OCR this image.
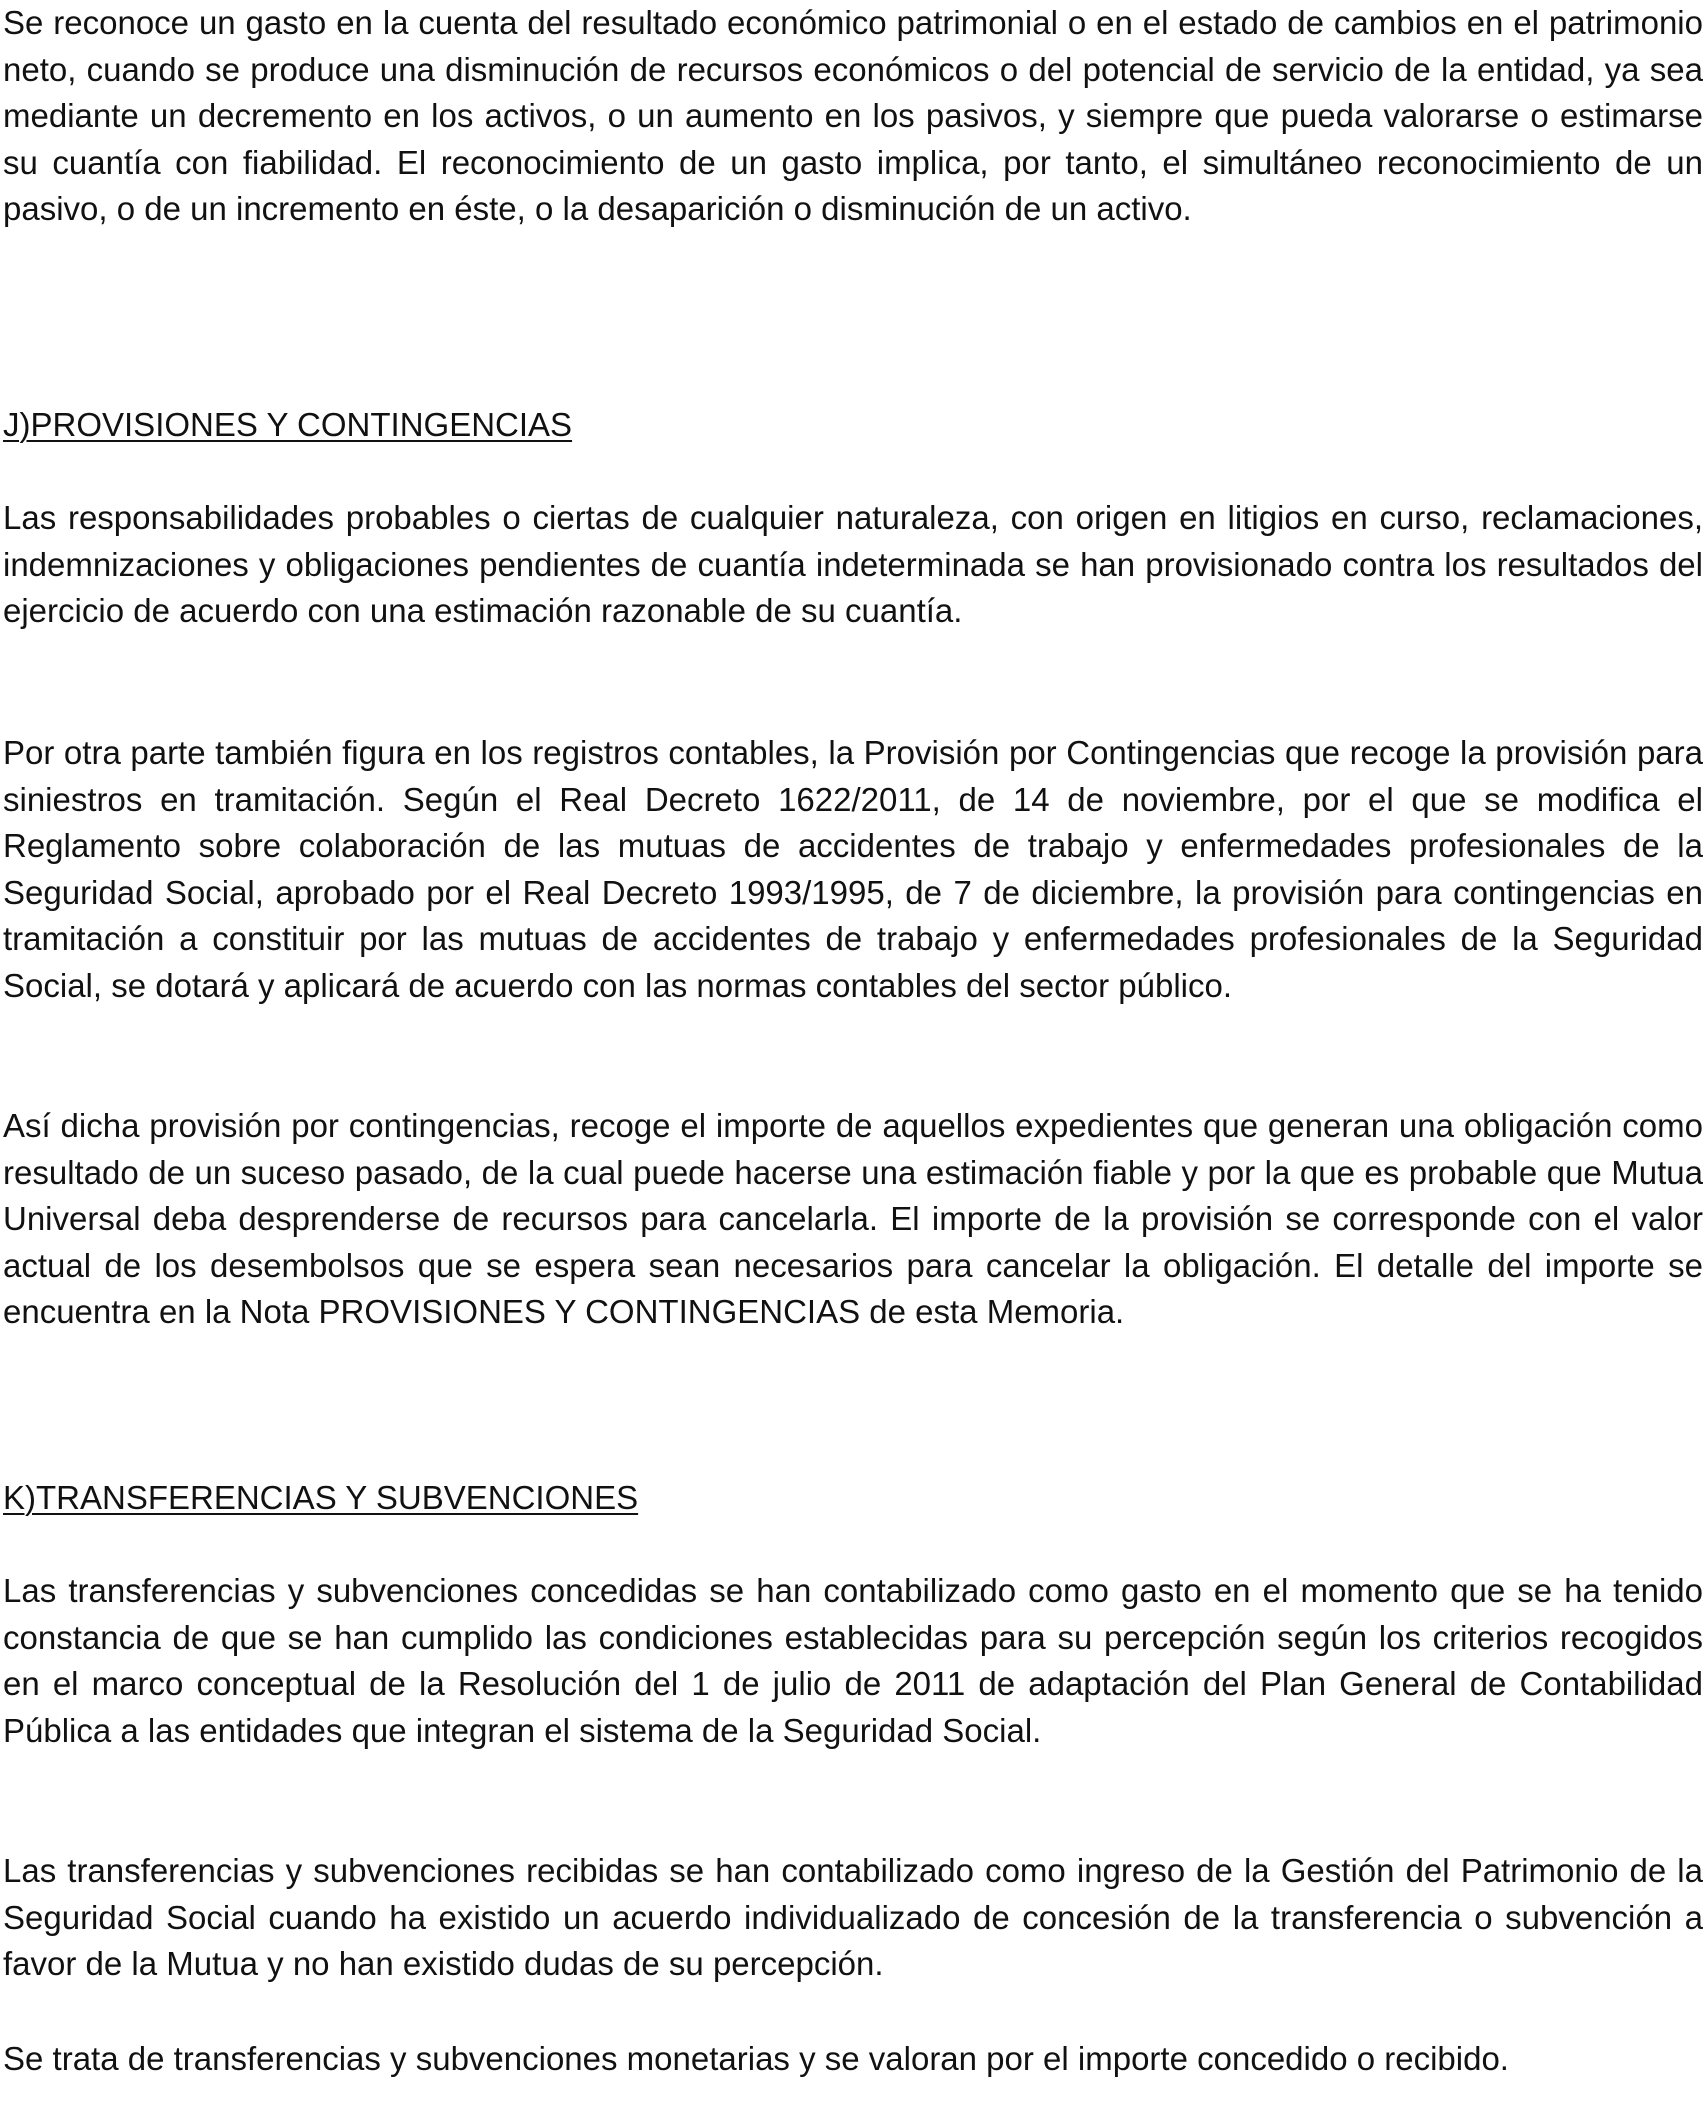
Se reconoce un gasto en la cuenta del resultado económico patrimonial o en el estado de cambios en el patrimonio neto, cuando se produce una disminución de recursos económicos o del potencial de servicio de la entidad, ya sea mediante un decremento en los activos, o un aumento en los pasivos, y siempre que pueda valorarse o estimarse su cuantía con fiabilidad. El reconocimiento de un gasto implica, por tanto, el simultáneo reconocimiento de un pasivo, o de un incremento en éste, o la desaparición o disminución de un activo.

J)PROVISIONES Y CONTINGENCIAS

Las responsabilidades probables o ciertas de cualquier naturaleza, con origen en litigios en curso, reclamaciones, indemnizaciones y obligaciones pendientes de cuantía indeterminada se han provisionado contra los resultados del ejercicio de acuerdo con una estimación razonable de su cuantía.

Por otra parte también figura en los registros contables, la Provisión por Contingencias que recoge la provisión para siniestros en tramitación. Según el Real Decreto 1622/2011, de 14 de noviembre, por el que se modifica el Reglamento sobre colaboración de las mutuas de accidentes de trabajo y enfermedades profesionales de la Seguridad Social, aprobado por el Real Decreto 1993/1995, de 7 de diciembre, la provisión para contingencias en tramitación a constituir por las mutuas de accidentes de trabajo y enfermedades profesionales de la Seguridad Social, se dotará y aplicará de acuerdo con las normas contables del sector público.

Así dicha provisión por contingencias, recoge el importe de aquellos expedientes que generan una obligación como resultado de un suceso pasado, de la cual puede hacerse una estimación fiable y por la que es probable que Mutua Universal deba desprenderse de recursos para cancelarla. El importe de la provisión se corresponde con el valor actual de los desembolsos que se espera sean necesarios para cancelar la obligación. El detalle del importe se encuentra en la Nota PROVISIONES Y CONTINGENCIAS de esta Memoria.

K)TRANSFERENCIAS Y SUBVENCIONES

Las transferencias y subvenciones concedidas se han contabilizado como gasto en el momento que se ha tenido constancia de que se han cumplido las condiciones establecidas para su percepción según los criterios recogidos en el marco conceptual de la Resolución del 1 de julio de 2011 de adaptación del Plan General de Contabilidad Pública a las entidades que integran el sistema de la Seguridad Social.

Las transferencias y subvenciones recibidas se han contabilizado como ingreso de la Gestión del Patrimonio de la Seguridad Social cuando ha existido un acuerdo individualizado de concesión de la transferencia o subvención a favor de la Mutua y no han existido dudas de su percepción.

Se trata de transferencias y subvenciones monetarias y se valoran por el importe concedido o recibido.
